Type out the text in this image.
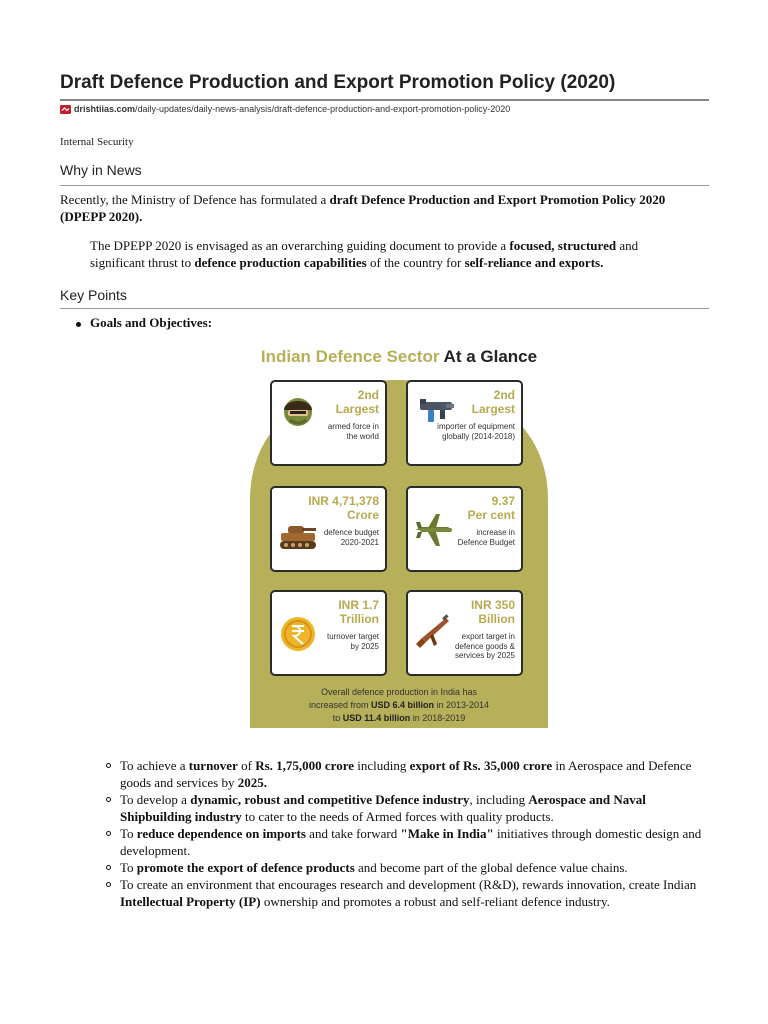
Draft Defence Production and Export Promotion Policy (2020)
drishtiias.com /daily-updates/daily-news-analysis/draft-defence-production-and-export-promotion-policy-2020
Internal Security
Why in News

Recently, the Ministry of Defence has formulated a draft Defence Production and Export Promotion Policy 2020 (DPEPP 2020).

The DPEPP 2020 is envisaged as an overarching guiding document to provide a focused, structured and significant thrust to defence production capabilities of the country for self-reliance and exports.

Key Points
Goals and Objectives:
Indian Defence Sector At a Glance
2nd
Largest
armed force in
the world
2nd
Largest
importer of equipment
globally (2014-2018)
INR 4,71,378
Crore
defence budget
2020-2021
9.37
Per cent
increase in
Defence Budget
INR 1.7
Trillion
turnover target
by 2025
INR 350
Billion
export target in
defence goods &
services by 2025
Overall defence production in India has
increased from USD 6.4 billion in 2013-2014
to USD 11.4 billion in 2018-2019
To achieve a turnover of Rs. 1,75,000 crore including export of Rs. 35,000 crore in Aerospace and Defence goods and services by 2025.
To develop a dynamic, robust and competitive Defence industry, including Aerospace and Naval Shipbuilding industry to cater to the needs of Armed forces with quality products.
To reduce dependence on imports and take forward "Make in India" initiatives through domestic design and development.
To promote the export of defence products and become part of the global defence value chains.
To create an environment that encourages research and development (R&D), rewards innovation, create Indian Intellectual Property (IP) ownership and promotes a robust and self-reliant defence industry.
